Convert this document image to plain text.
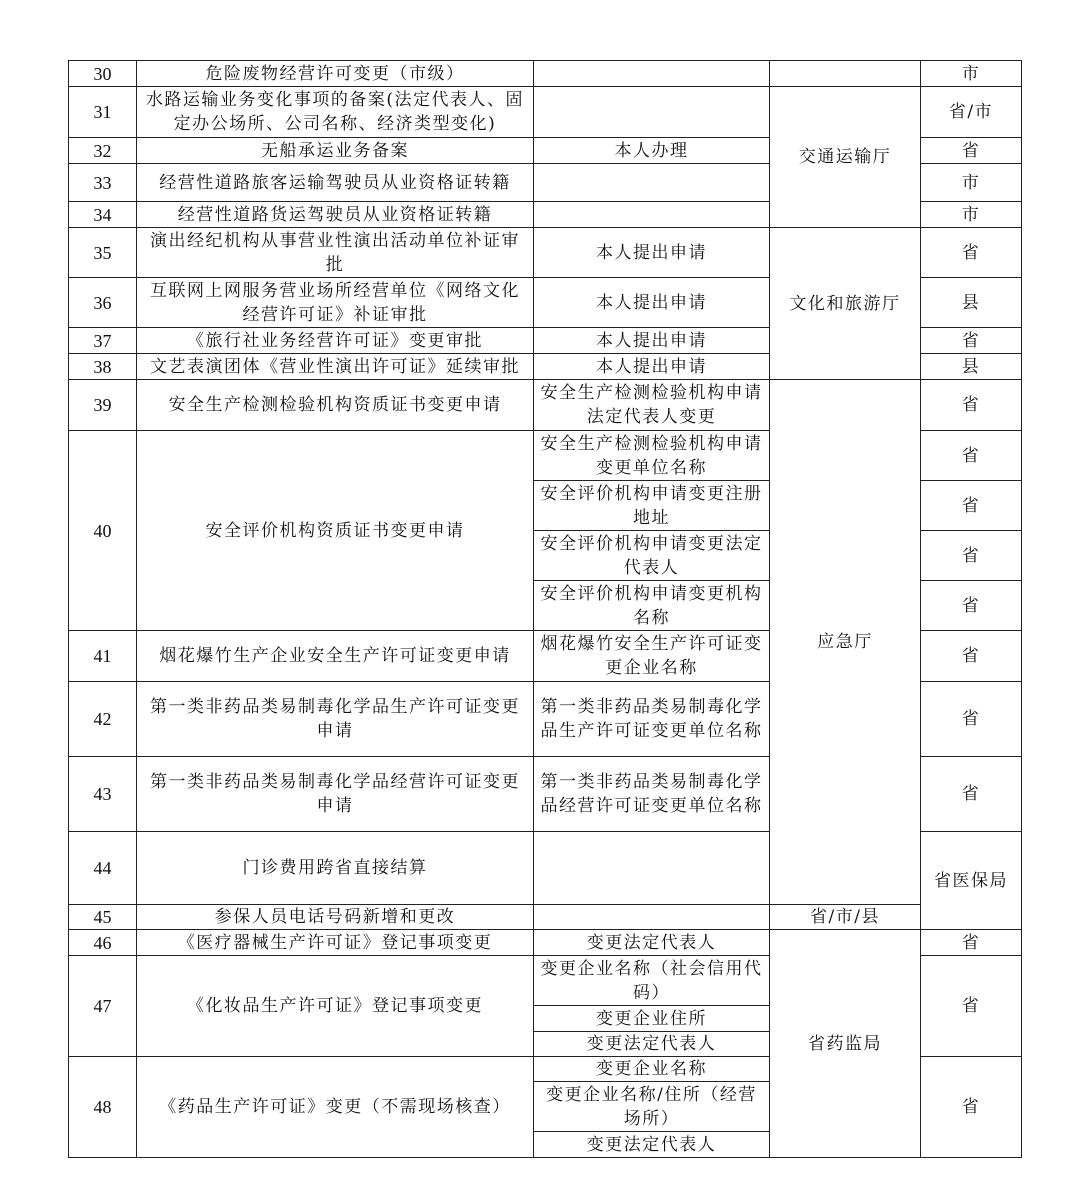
30	危险废物经营许可变更（市级）			市	
31	水路运输业务变化事项的备案(法定代表人、固定办公场所、公司名称、经济类型变化)		交通运输厅	省/市	
32	无船承运业务备案	本人办理		省	
33	经营性道路旅客运输驾驶员从业资格证转籍			市	
34	经营性道路货运驾驶员从业资格证转籍			市	
35	演出经纪机构从事营业性演出活动单位补证审批	本人提出申请	文化和旅游厅	省	
36	互联网上网服务营业场所经营单位《网络文化经营许可证》补证审批	本人提出申请		县	
37	《旅行社业务经营许可证》变更审批	本人提出申请		省	
38	文艺表演团体《营业性演出许可证》延续审批	本人提出申请		县	
39	安全生产检测检验机构资质证书变更申请	安全生产检测检验机构申请法定代表人变更	应急厅	省	
40	安全评价机构资质证书变更申请	安全生产检测检验机构申请变更单位名称		省	
		安全评价机构申请变更注册地址		省	
		安全评价机构申请变更法定代表人		省	
		安全评价机构申请变更机构名称		省	
41	烟花爆竹生产企业安全生产许可证变更申请	烟花爆竹安全生产许可证变更企业名称		省	
42	第一类非药品类易制毒化学品生产许可证变更申请	第一类非药品类易制毒化学品生产许可证变更单位名称		省	
43	第一类非药品类易制毒化学品经营许可证变更申请	第一类非药品类易制毒化学品经营许可证变更单位名称		省	
44	门诊费用跨省直接结算			省医保局	
45	参保人员电话号码新增和更改		省/市/县		
46	《医疗器械生产许可证》登记事项变更	变更法定代表人	省药监局	省	
47	《化妆品生产许可证》登记事项变更	变更企业名称（社会信用代码）		省	
		变更企业住所			
		变更法定代表人			
48	《药品生产许可证》变更（不需现场核查）	变更企业名称		省	
		变更企业名称/住所（经营场所）			
		变更法定代表人			
